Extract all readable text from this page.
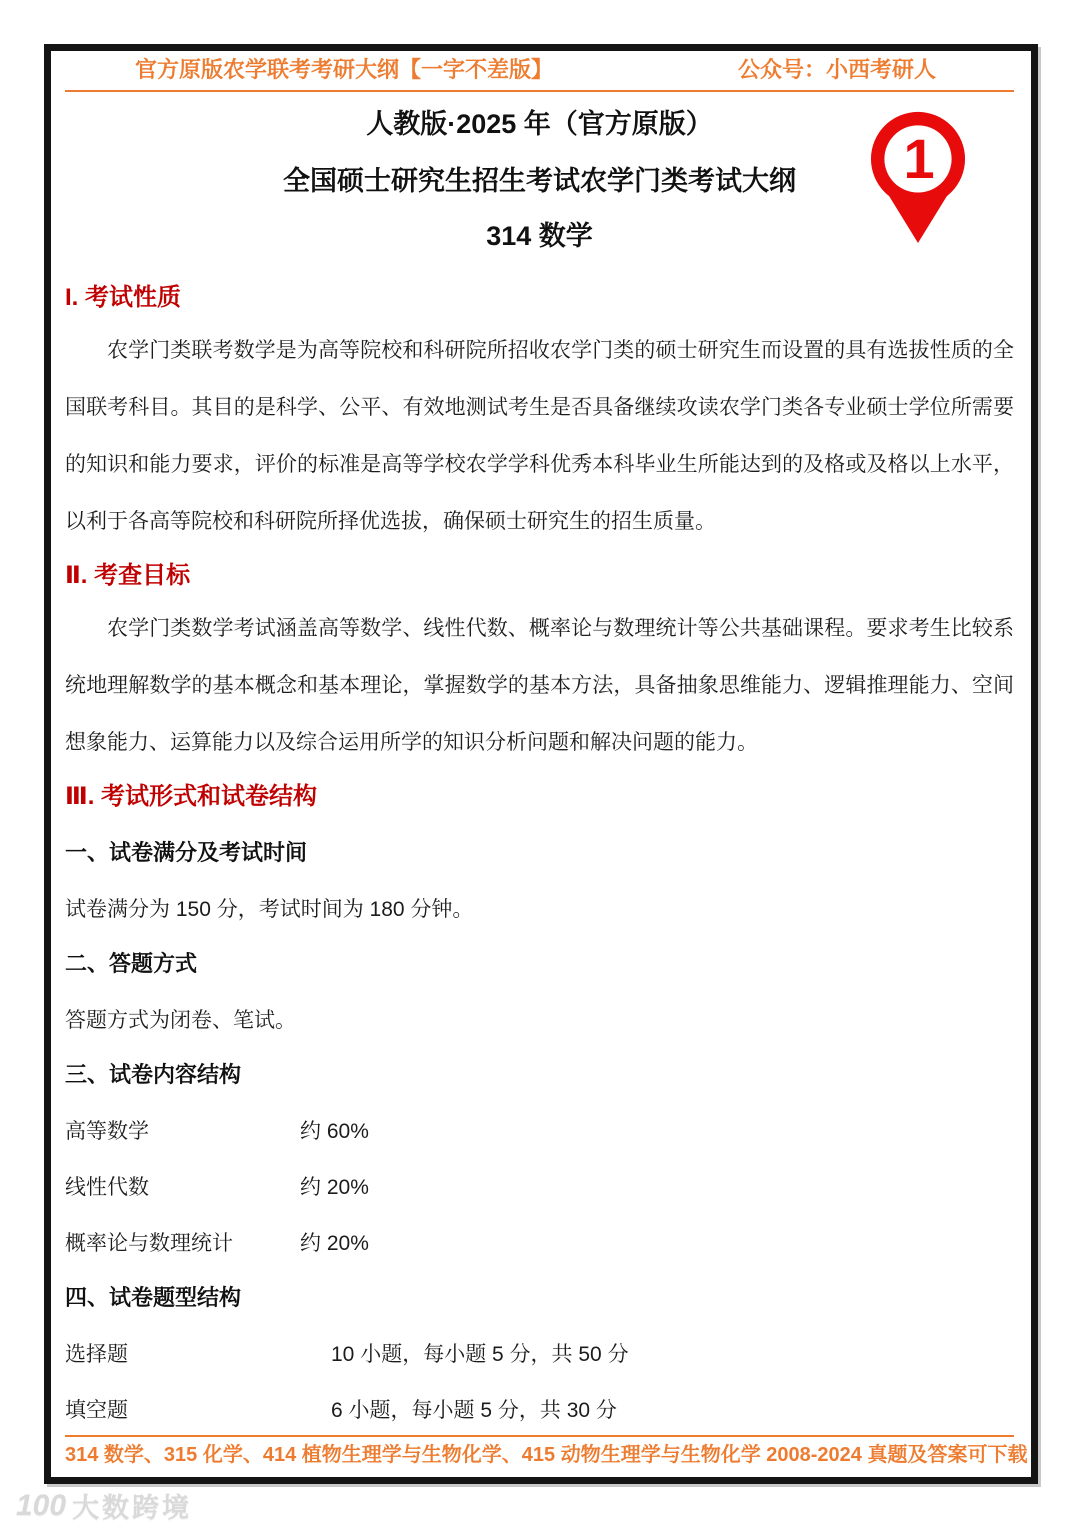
官方原版农学联考考研大纲【一字不差版】	公众号：小西考研人
人教版·2025 年（官方原版）
全国硕士研究生招生考试农学门类考试大纲
314 数学
I. 考试性质

农学门类联考数学是为高等院校和科研院所招收农学门类的硕士研究生而设置的具有选拔性质的全国联考科目。其目的是科学、公平、有效地测试考生是否具备继续攻读农学门类各专业硕士学位所需要的知识和能力要求，评价的标准是高等学校农学学科优秀本科毕业生所能达到的及格或及格以上水平，以利于各高等院校和科研院所择优选拔，确保硕士研究生的招生质量。

Ⅱ. 考查目标

农学门类数学考试涵盖高等数学、线性代数、概率论与数理统计等公共基础课程。要求考生比较系统地理解数学的基本概念和基本理论，掌握数学的基本方法，具备抽象思维能力、逻辑推理能力、空间想象能力、运算能力以及综合运用所学的知识分析问题和解决问题的能力。

Ⅲ. 考试形式和试卷结构
一、试卷满分及考试时间
试卷满分为 150 分，考试时间为 180 分钟。
二、答题方式
答题方式为闭卷、笔试。
三、试卷内容结构
高等数学	约 60%
线性代数	约 20%
概率论与数理统计	约 20%
四、试卷题型结构
选择题	10 小题，每小题 5 分，共 50 分
填空题	6 小题，每小题 5 分，共 30 分
314 数学、315 化学、414 植物生理学与生物化学、415 动物生理学与生物化学 2008-2024 真题及答案可下载
1
100 大数跨境
